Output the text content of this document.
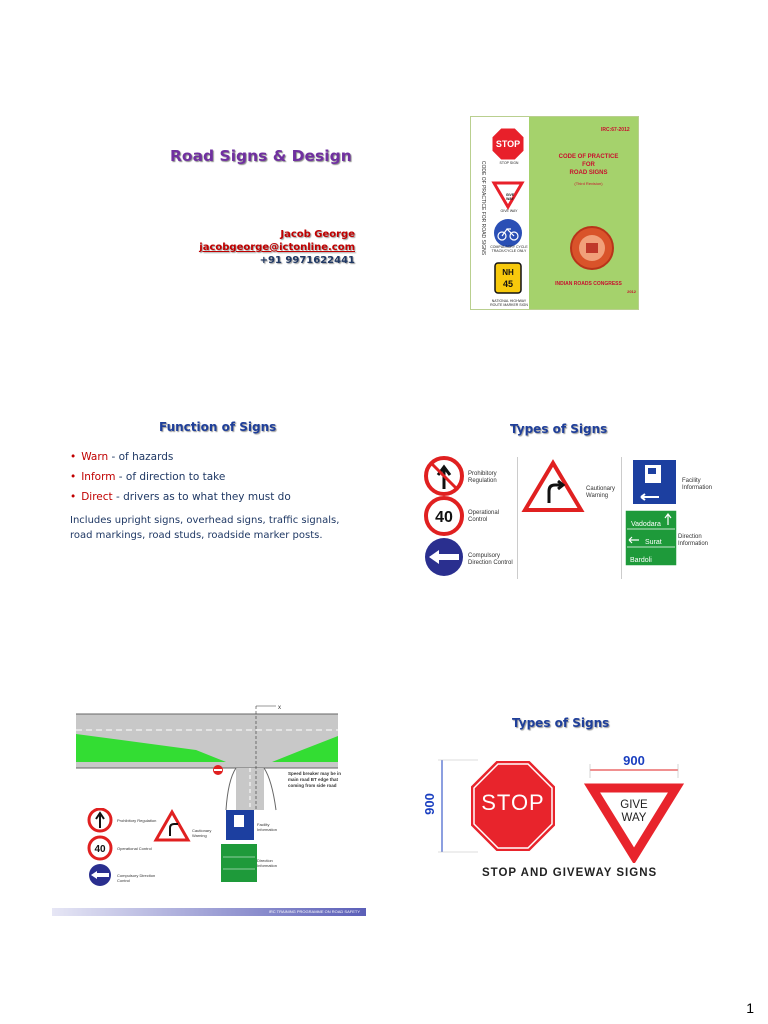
Road Signs & Design
Jacob George
jacobgeorge@ictonline.com
+91 9971622441
CODE OF PRACTICE FOR ROAD SIGNS
STOP
NH
45
STOP SIGN
GIVE WAY
GIVE WAY
COMPULSORY CYCLE TRACK/CYCLE ONLY
NATIONAL HIGHWAY ROUTE MARKER SIGN
IRC:67-2012
CODE OF PRACTICE
FOR
ROAD SIGNS
(Third Revision)
INDIAN ROADS CONGRESS
2012
Function of Signs
• Warn - of hazards
• Inform - of direction to take
• Direct - drivers as to what they must do
Includes upright signs, overhead signs, traffic signals, road markings, road studs, roadside marker posts.
Types of Signs
40	Vadodara
Surat
Bardoli
Prohibitory Regulation
Operational Control
Compulsory Direction Control
Cautionary Warning
Facility Information
Direction Information
x
Speed breaker may be in main road BT edge that coming from side road
40
Prohibitory Regulation
Operational Control
Compulsory Direction Control
Cautionary Warning
Facility Information
Direction Information
IRC TRAINING PROGRAMME ON ROAD SAFETY
Types of Signs
900 STOP
900
GIVE
WAY
STOP AND GIVEWAY SIGNS
1
